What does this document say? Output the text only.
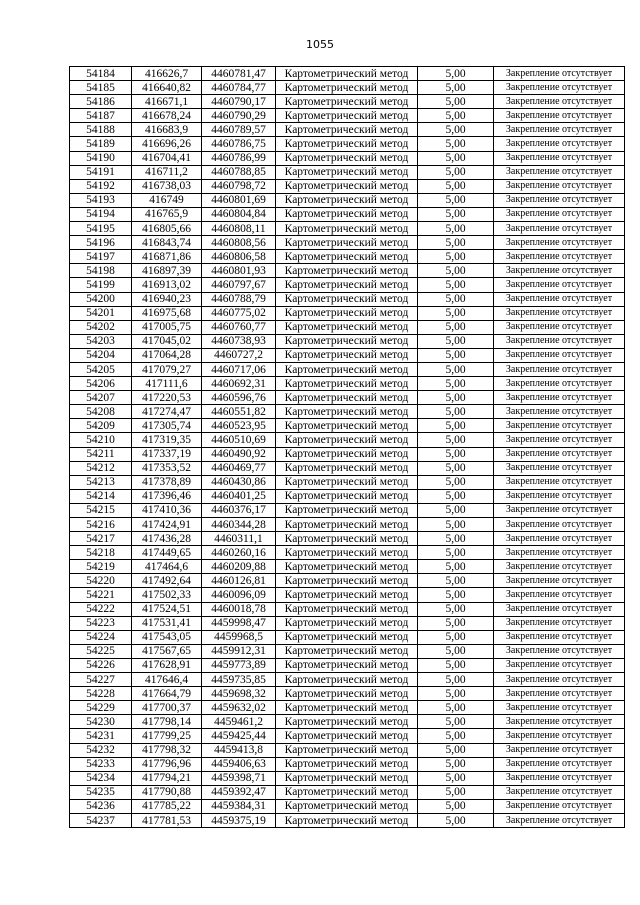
1055
54184	416626,7	4460781,47	Картометрический метод	5,00	Закрепление отсутствует
54185	416640,82	4460784,77	Картометрический метод	5,00	Закрепление отсутствует
54186	416671,1	4460790,17	Картометрический метод	5,00	Закрепление отсутствует
54187	416678,24	4460790,29	Картометрический метод	5,00	Закрепление отсутствует
54188	416683,9	4460789,57	Картометрический метод	5,00	Закрепление отсутствует
54189	416696,26	4460786,75	Картометрический метод	5,00	Закрепление отсутствует
54190	416704,41	4460786,99	Картометрический метод	5,00	Закрепление отсутствует
54191	416711,2	4460788,85	Картометрический метод	5,00	Закрепление отсутствует
54192	416738,03	4460798,72	Картометрический метод	5,00	Закрепление отсутствует
54193	416749	4460801,69	Картометрический метод	5,00	Закрепление отсутствует
54194	416765,9	4460804,84	Картометрический метод	5,00	Закрепление отсутствует
54195	416805,66	4460808,11	Картометрический метод	5,00	Закрепление отсутствует
54196	416843,74	4460808,56	Картометрический метод	5,00	Закрепление отсутствует
54197	416871,86	4460806,58	Картометрический метод	5,00	Закрепление отсутствует
54198	416897,39	4460801,93	Картометрический метод	5,00	Закрепление отсутствует
54199	416913,02	4460797,67	Картометрический метод	5,00	Закрепление отсутствует
54200	416940,23	4460788,79	Картометрический метод	5,00	Закрепление отсутствует
54201	416975,68	4460775,02	Картометрический метод	5,00	Закрепление отсутствует
54202	417005,75	4460760,77	Картометрический метод	5,00	Закрепление отсутствует
54203	417045,02	4460738,93	Картометрический метод	5,00	Закрепление отсутствует
54204	417064,28	4460727,2	Картометрический метод	5,00	Закрепление отсутствует
54205	417079,27	4460717,06	Картометрический метод	5,00	Закрепление отсутствует
54206	417111,6	4460692,31	Картометрический метод	5,00	Закрепление отсутствует
54207	417220,53	4460596,76	Картометрический метод	5,00	Закрепление отсутствует
54208	417274,47	4460551,82	Картометрический метод	5,00	Закрепление отсутствует
54209	417305,74	4460523,95	Картометрический метод	5,00	Закрепление отсутствует
54210	417319,35	4460510,69	Картометрический метод	5,00	Закрепление отсутствует
54211	417337,19	4460490,92	Картометрический метод	5,00	Закрепление отсутствует
54212	417353,52	4460469,77	Картометрический метод	5,00	Закрепление отсутствует
54213	417378,89	4460430,86	Картометрический метод	5,00	Закрепление отсутствует
54214	417396,46	4460401,25	Картометрический метод	5,00	Закрепление отсутствует
54215	417410,36	4460376,17	Картометрический метод	5,00	Закрепление отсутствует
54216	417424,91	4460344,28	Картометрический метод	5,00	Закрепление отсутствует
54217	417436,28	4460311,1	Картометрический метод	5,00	Закрепление отсутствует
54218	417449,65	4460260,16	Картометрический метод	5,00	Закрепление отсутствует
54219	417464,6	4460209,88	Картометрический метод	5,00	Закрепление отсутствует
54220	417492,64	4460126,81	Картометрический метод	5,00	Закрепление отсутствует
54221	417502,33	4460096,09	Картометрический метод	5,00	Закрепление отсутствует
54222	417524,51	4460018,78	Картометрический метод	5,00	Закрепление отсутствует
54223	417531,41	4459998,47	Картометрический метод	5,00	Закрепление отсутствует
54224	417543,05	4459968,5	Картометрический метод	5,00	Закрепление отсутствует
54225	417567,65	4459912,31	Картометрический метод	5,00	Закрепление отсутствует
54226	417628,91	4459773,89	Картометрический метод	5,00	Закрепление отсутствует
54227	417646,4	4459735,85	Картометрический метод	5,00	Закрепление отсутствует
54228	417664,79	4459698,32	Картометрический метод	5,00	Закрепление отсутствует
54229	417700,37	4459632,02	Картометрический метод	5,00	Закрепление отсутствует
54230	417798,14	4459461,2	Картометрический метод	5,00	Закрепление отсутствует
54231	417799,25	4459425,44	Картометрический метод	5,00	Закрепление отсутствует
54232	417798,32	4459413,8	Картометрический метод	5,00	Закрепление отсутствует
54233	417796,96	4459406,63	Картометрический метод	5,00	Закрепление отсутствует
54234	417794,21	4459398,71	Картометрический метод	5,00	Закрепление отсутствует
54235	417790,88	4459392,47	Картометрический метод	5,00	Закрепление отсутствует
54236	417785,22	4459384,31	Картометрический метод	5,00	Закрепление отсутствует
54237	417781,53	4459375,19	Картометрический метод	5,00	Закрепление отсутствует
